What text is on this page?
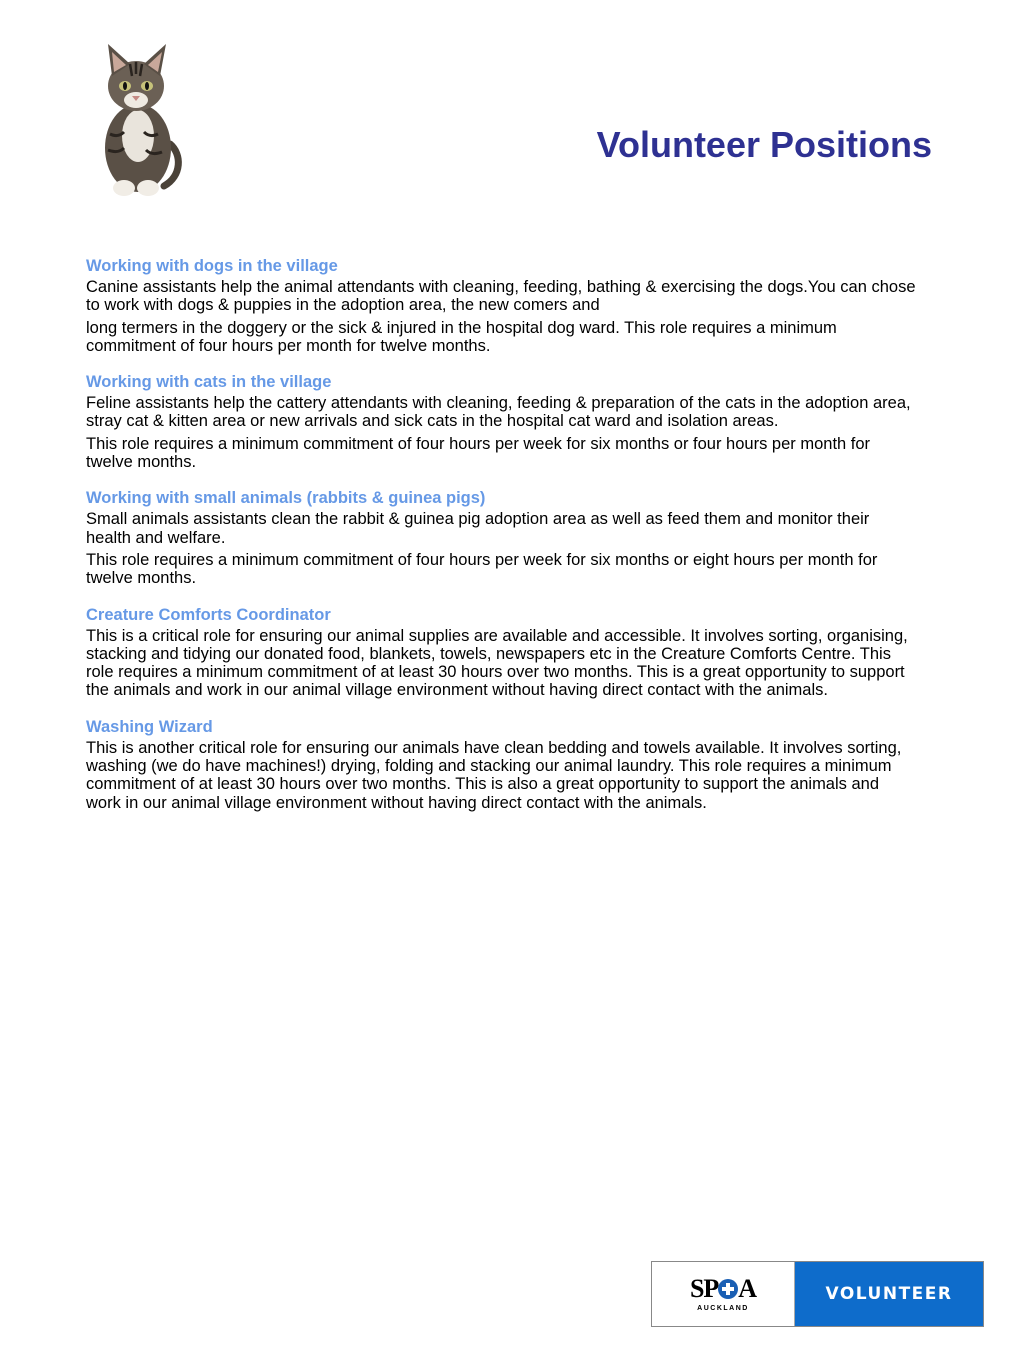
Volunteer Positions
Working with dogs in the village

Canine assistants help the animal attendants with cleaning, feeding, bathing & exercising the dogs.You can chose to work with dogs & puppies in the adoption area, the new comers and

long termers in the doggery or the sick & injured in the hospital dog ward. This role requires a minimum commitment of four hours per month for twelve months.

Working with cats in the village

Feline assistants help the cattery attendants with cleaning, feeding & preparation of the cats in the adoption area, stray cat & kitten area or new arrivals and sick cats in the hospital cat ward and isolation areas.

This role requires a minimum commitment of four hours per week for six months or four hours per month for twelve months.

Working with small animals (rabbits & guinea pigs)

Small animals assistants clean the rabbit & guinea pig adoption area as well as feed them and monitor their health and welfare.

This role requires a minimum commitment of four hours per week for six months or eight hours per month for twelve months.

Creature Comforts Coordinator

This is a critical role for ensuring our animal supplies are available and accessible. It involves sorting, organising, stacking and tidying our donated food, blankets, towels, newspapers etc in the Creature Comforts Centre. This role requires a minimum commitment of at least 30 hours over two months. This is a great opportunity to support the animals and work in our animal village environment without having direct contact with the animals.

Washing Wizard

This is another critical role for ensuring our animals have clean bedding and towels available. It involves sorting, washing (we do have machines!) drying, folding and stacking our animal laundry. This role requires a minimum commitment of at least 30 hours over two months. This is also a great opportunity to support the animals and work in our animal village environment without having direct contact with the animals.

SP A
AUCKLAND
VOLUNTEER
